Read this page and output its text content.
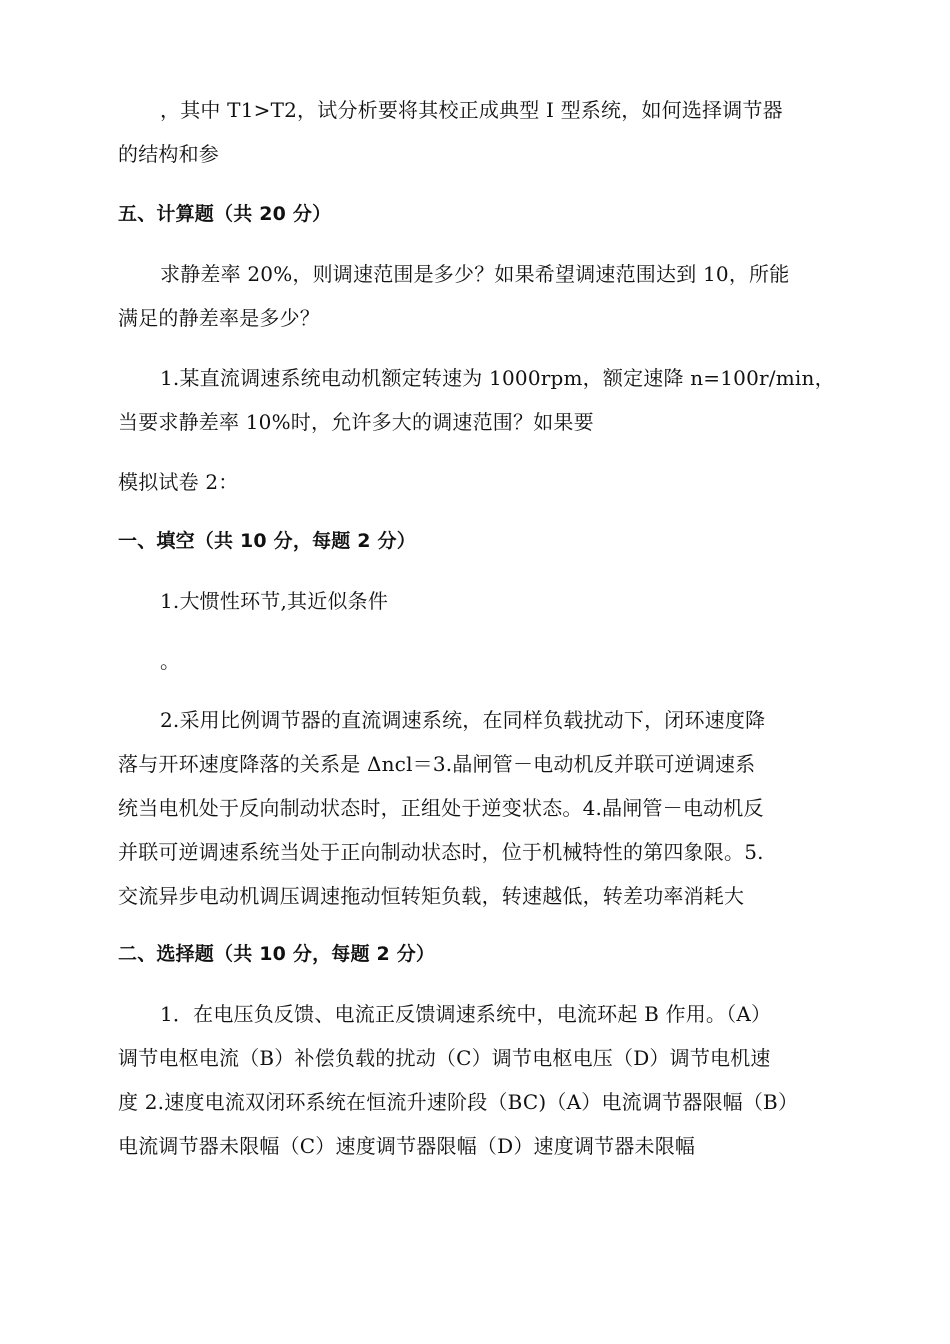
，其中 T1>T2，试分析要将其校正成典型 I 型系统，如何选择调节器
的结构和参
五、计算题（共 20 分）
求静差率 20%，则调速范围是多少？如果希望调速范围达到 10，所能
满足的静差率是多少？
1.某直流调速系统电动机额定转速为 1000rpm，额定速降 n=100r/min，
当要求静差率 10%时，允许多大的调速范围？如果要
模拟试卷 2：
一、填空（共 10 分，每题 2 分）
1.大惯性环节,其近似条件
。
2.采用比例调节器的直流调速系统，在同样负载扰动下，闭环速度降
落与开环速度降落的关系是 Δncl＝3.晶闸管－电动机反并联可逆调速系
统当电机处于反向制动状态时，正组处于逆变状态。4.晶闸管－电动机反
并联可逆调速系统当处于正向制动状态时，位于机械特性的第四象限。5.
交流异步电动机调压调速拖动恒转矩负载，转速越低，转差功率消耗大
二、选择题（共 10 分，每题 2 分）
1．在电压负反馈、电流正反馈调速系统中，电流环起 B 作用。（A）
调节电枢电流（B）补偿负载的扰动（C）调节电枢电压（D）调节电机速
度 2.速度电流双闭环系统在恒流升速阶段（BC)（A）电流调节器限幅（B）
电流调节器未限幅（C）速度调节器限幅（D）速度调节器未限幅
